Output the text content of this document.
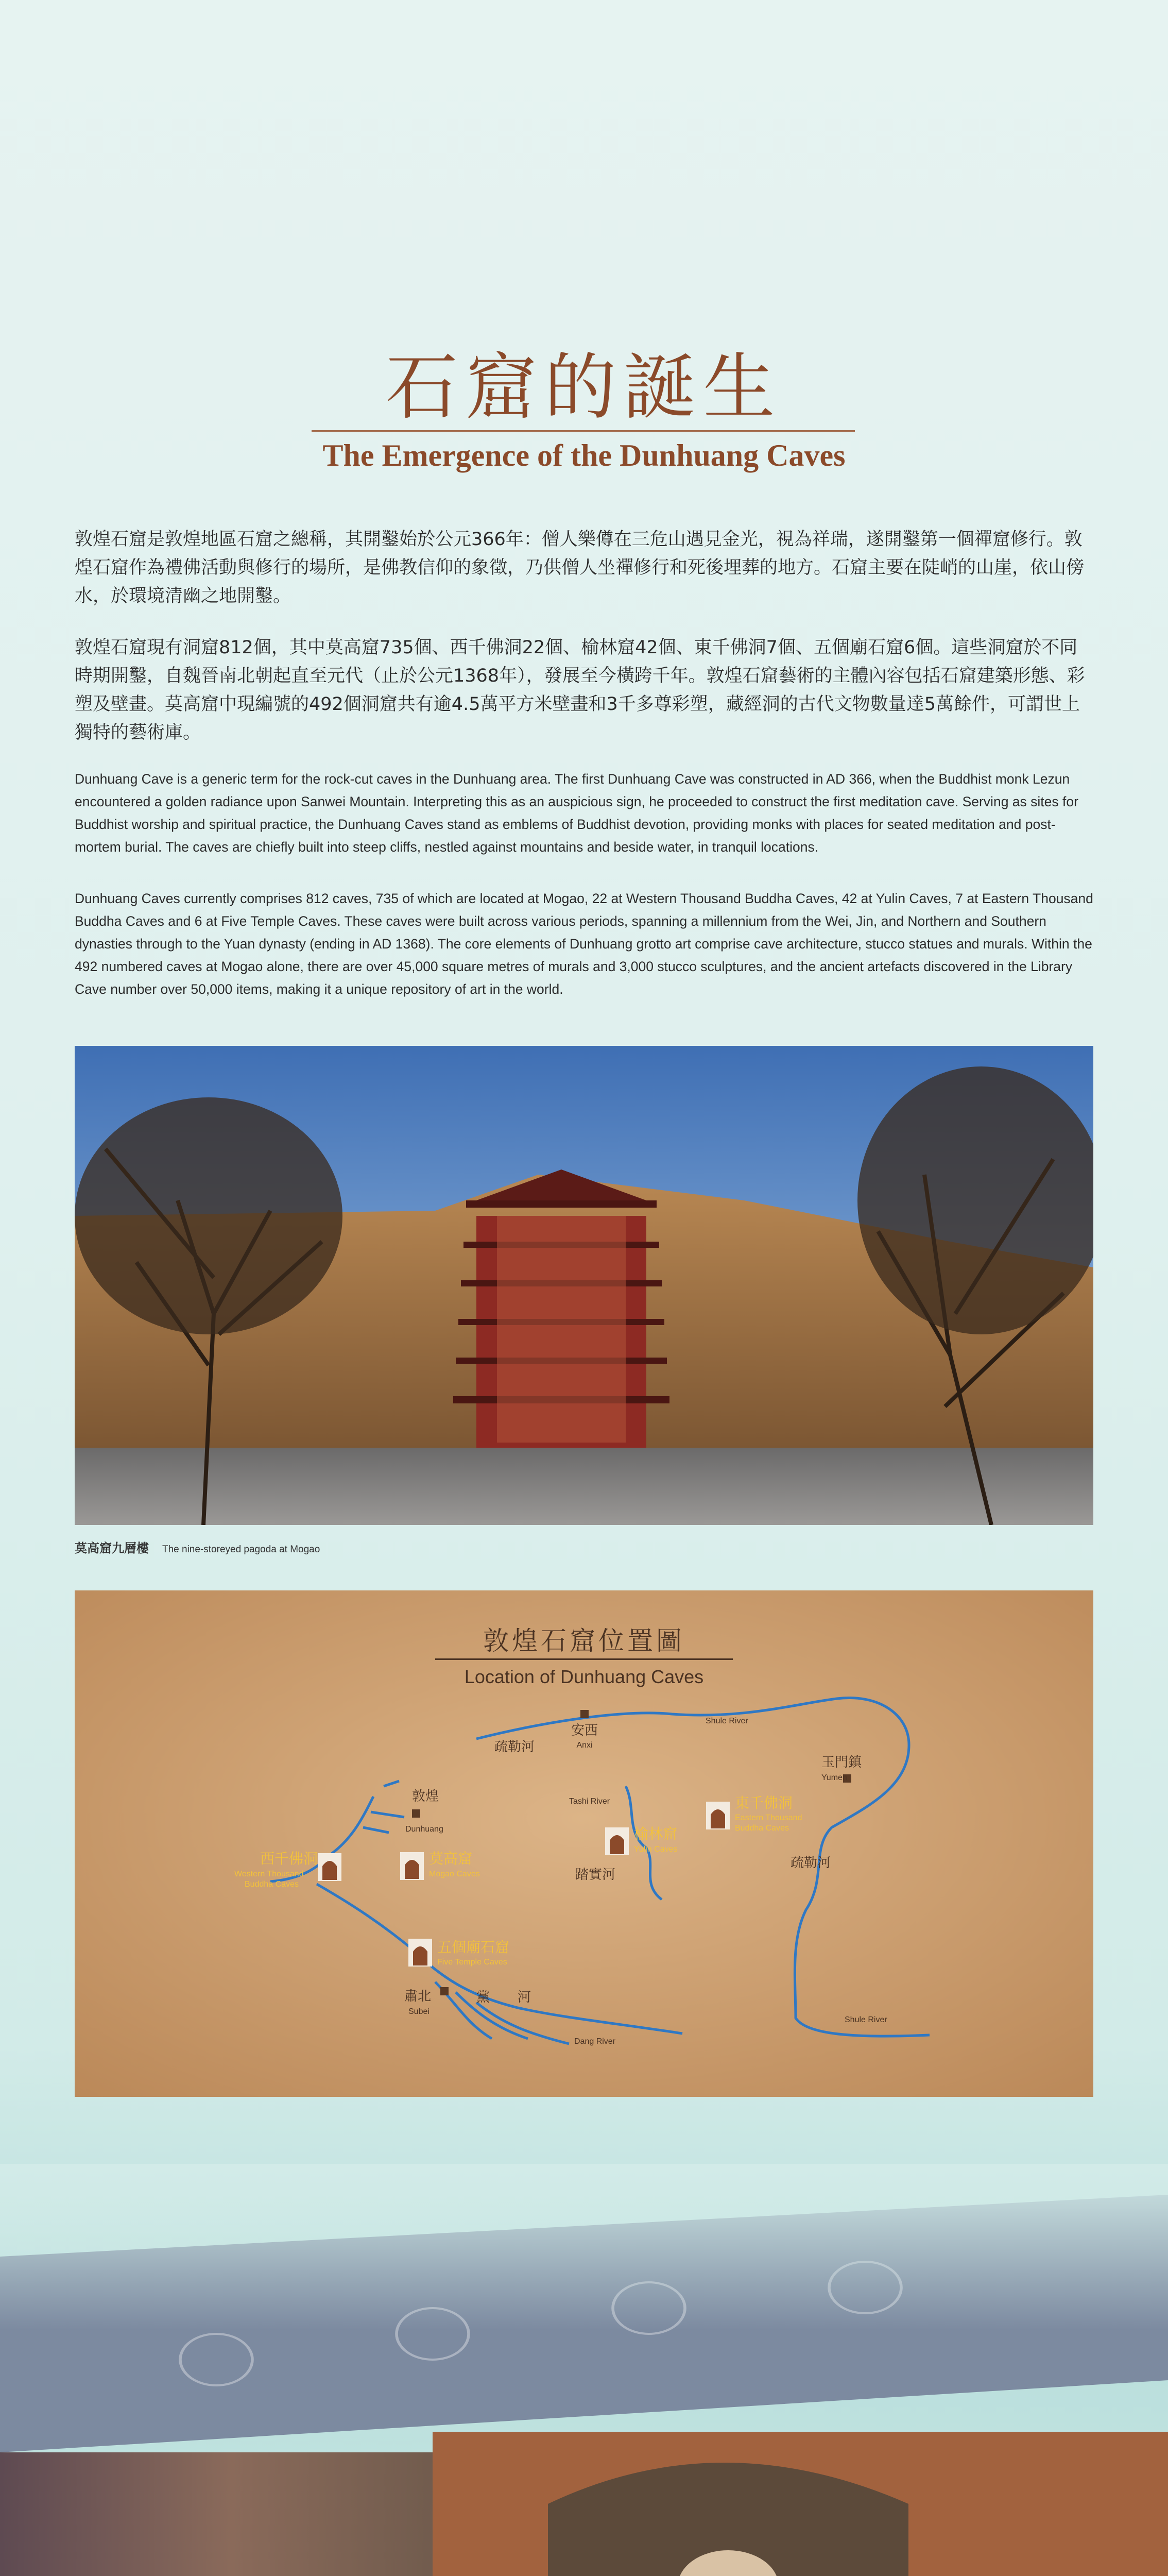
石窟的誕生
The Emergence of the Dunhuang Caves

敦煌石窟是敦煌地區石窟之總稱，其開鑿始於公元366年：僧人樂僔在三危山遇見金光，視為祥瑞，遂開鑿第一個禪窟修行。敦煌石窟作為禮佛活動與修行的場所，是佛教信仰的象徵，乃供僧人坐禪修行和死後埋葬的地方。石窟主要在陡峭的山崖，依山傍水，於環境清幽之地開鑿。

敦煌石窟現有洞窟812個，其中莫高窟735個、西千佛洞22個、榆林窟42個、東千佛洞7個、五個廟石窟6個。這些洞窟於不同時期開鑿，自魏晉南北朝起直至元代（止於公元1368年），發展至今橫跨千年。敦煌石窟藝術的主體內容包括石窟建築形態、彩塑及壁畫。莫高窟中現編號的492個洞窟共有逾4.5萬平方米壁畫和3千多尊彩塑，藏經洞的古代文物數量達5萬餘件，可謂世上獨特的藝術庫。

Dunhuang Cave is a generic term for the rock-cut caves in the Dunhuang area. The first Dunhuang Cave was constructed in AD 366, when the Buddhist monk Lezun encountered a golden radiance upon Sanwei Mountain. Interpreting this as an auspicious sign, he proceeded to construct the first meditation cave. Serving as sites for Buddhist worship and spiritual practice, the Dunhuang Caves stand as emblems of Buddhist devotion, providing monks with places for seated meditation and post-mortem burial. The caves are chiefly built into steep cliffs, nestled against mountains and beside water, in tranquil locations.

Dunhuang Caves currently comprises 812 caves, 735 of which are located at Mogao, 22 at Western Thousand Buddha Caves, 42 at Yulin Caves, 7 at Eastern Thousand Buddha Caves and 6 at Five Temple Caves. These caves were built across various periods, spanning a millennium from the Wei, Jin, and Northern and Southern dynasties through to the Yuan dynasty (ending in AD 1368). The core elements of Dunhuang grotto art comprise cave architecture, stucco statues and murals. Within the 492 numbered caves at Mogao alone, there are over 45,000 square metres of murals and 3,000 stucco sculptures, and the ancient artefacts discovered in the Library Cave number over 50,000 items, making it a unique repository of art in the world.

莫高窟九層樓 The nine-storeyed pagoda at Mogao

敦煌石窟位置圖
Location of Dunhuang Caves
安西
Anxi
玉門鎮
Yumen
敦煌
Dunhuang
肅北
Subei
疏勒河
Shule River
疏勒河
Shule River
Tashi River
踏實河
黨 河
Dang River
西千佛洞
Western Thousand
Buddha Caves
莫高窟
Mogao Caves
榆林窟
Yulin Caves
東千佛洞
Eastern Thousand
Buddha Caves
五個廟石窟
Five Temple Caves
